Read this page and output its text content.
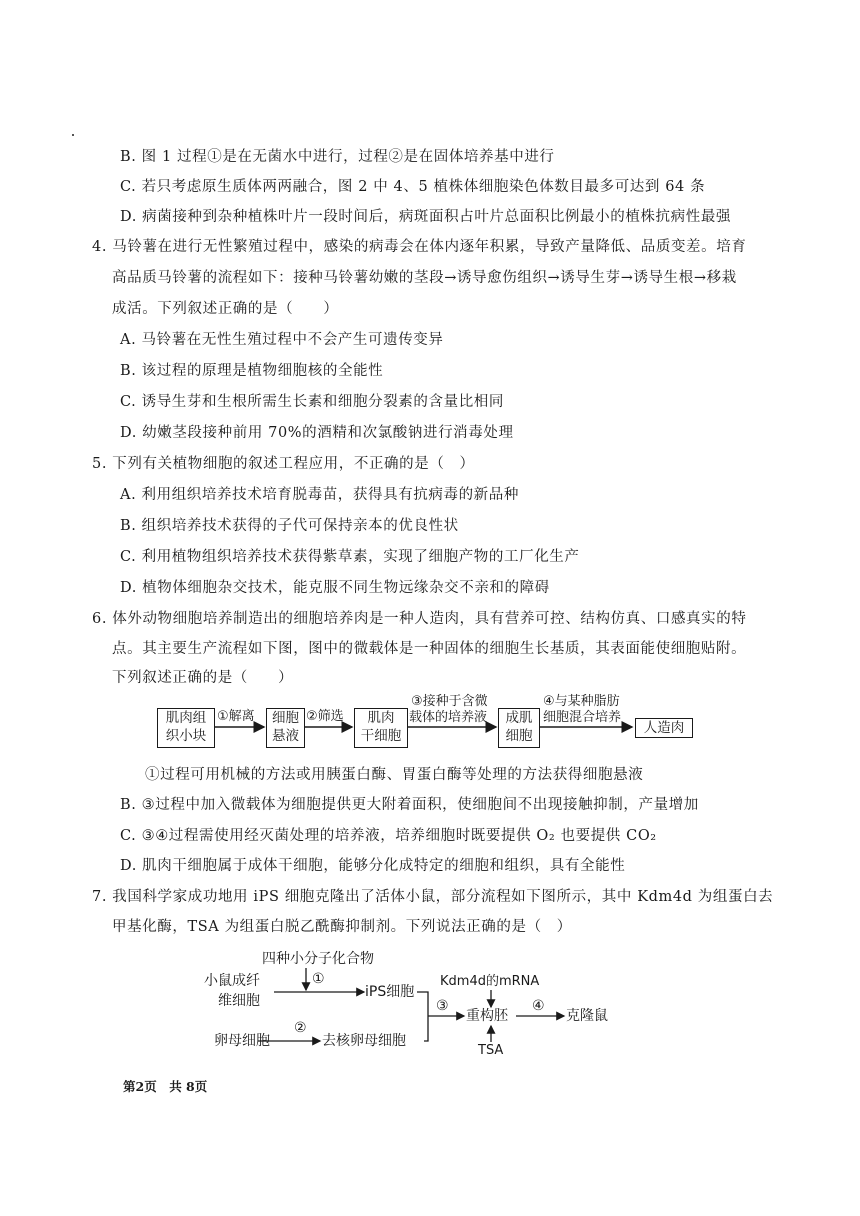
B. 图 1 过程①是在无菌水中进行，过程②是在固体培养基中进行
C. 若只考虑原生质体两两融合，图 2 中 4、5 植株体细胞染色体数目最多可达到 64 条
D. 病菌接种到杂种植株叶片一段时间后，病斑面积占叶片总面积比例最小的植株抗病性最强
4. 马铃薯在进行无性繁殖过程中，感染的病毒会在体内逐年积累，导致产量降低、品质变差。培育
高品质马铃薯的流程如下：接种马铃薯幼嫩的茎段→诱导愈伤组织→诱导生芽→诱导生根→移栽
成活。下列叙述正确的是（　　）
A. 马铃薯在无性生殖过程中不会产生可遗传变异
B. 该过程的原理是植物细胞核的全能性
C. 诱导生芽和生根所需生长素和细胞分裂素的含量比相同
D. 幼嫩茎段接种前用 70%的酒精和次氯酸钠进行消毒处理
5. 下列有关植物细胞的叙述工程应用，不正确的是（　）
A. 利用组织培养技术培育脱毒苗，获得具有抗病毒的新品种
B. 组织培养技术获得的子代可保持亲本的优良性状
C. 利用植物组织培养技术获得紫草素，实现了细胞产物的工厂化生产
D. 植物体细胞杂交技术，能克服不同生物远缘杂交不亲和的障碍
6. 体外动物细胞培养制造出的细胞培养肉是一种人造肉，具有营养可控、结构仿真、口感真实的特
点。其主要生产流程如下图，图中的微载体是一种固体的细胞生长基质，其表面能使细胞贴附。
下列叙述正确的是（　　）
肌肉组
织小块
①解离	细胞
悬液
②筛选	肌肉
干细胞
③接种于含微
载体的培养液	成肌
细胞
④与某种脂肪
细胞混合培养
人造肉
①过程可用机械的方法或用胰蛋白酶、胃蛋白酶等处理的方法获得细胞悬液
B. ③过程中加入微载体为细胞提供更大附着面积，使细胞间不出现接触抑制，产量增加
C. ③④过程需使用经灭菌处理的培养液，培养细胞时既要提供 O₂ 也要提供 CO₂
D. 肌肉干细胞属于成体干细胞，能够分化成特定的细胞和组织，具有全能性
7. 我国科学家成功地用 iPS 细胞克隆出了活体小鼠，部分流程如下图所示，其中 Kdm4d 为组蛋白去
甲基化酶，TSA 为组蛋白脱乙酰酶抑制剂。下列说法正确的是（　）
四种小分子化合物
小鼠成纤
维细胞
①
iPS细胞
卵母细胞
②
去核卵母细胞
③
Kdm4d的mRNA
重构胚
TSA
④
克隆鼠
第2页　共 8页
